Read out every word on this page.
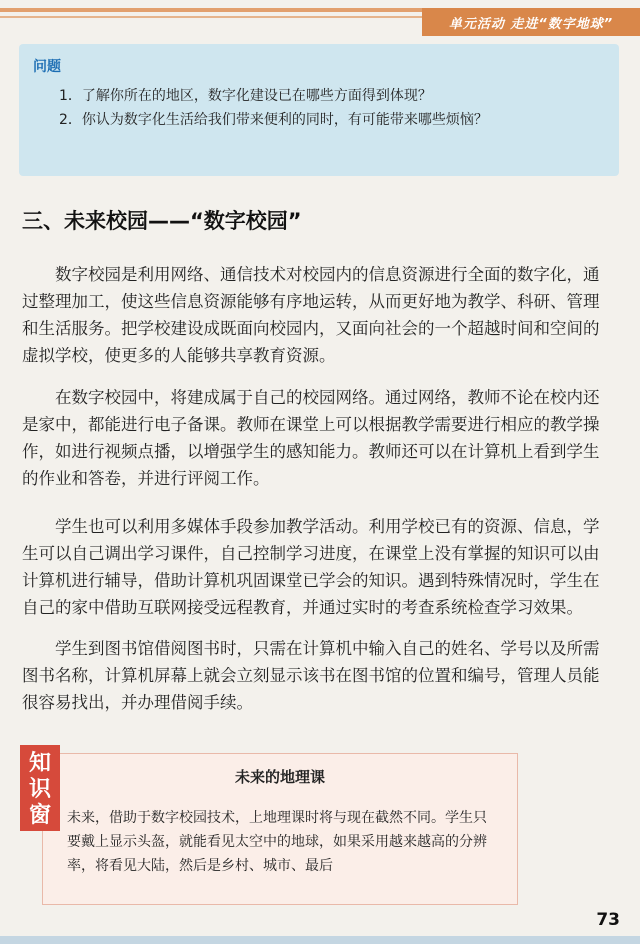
单元活动 走进“数字地球”
问题
1．了解你所在的地区，数字化建设已在哪些方面得到体现？
2．你认为数字化生活给我们带来便利的同时，有可能带来哪些烦恼？
三、未来校园——“数字校园”

数字校园是利用网络、通信技术对校园内的信息资源进行全面的数字化，通过整理加工，使这些信息资源能够有序地运转，从而更好地为教学、科研、管理和生活服务。把学校建设成既面向校园内，又面向社会的一个超越时间和空间的虚拟学校，使更多的人能够共享教育资源。

在数字校园中，将建成属于自己的校园网络。通过网络，教师不论在校内还是家中，都能进行电子备课。教师在课堂上可以根据教学需要进行相应的教学操作，如进行视频点播，以增强学生的感知能力。教师还可以在计算机上看到学生的作业和答卷，并进行评阅工作。

学生也可以利用多媒体手段参加教学活动。利用学校已有的资源、信息，学生可以自己调出学习课件，自己控制学习进度，在课堂上没有掌握的知识可以由计算机进行辅导，借助计算机巩固课堂已学会的知识。遇到特殊情况时，学生在自己的家中借助互联网接受远程教育，并通过实时的考查系统检查学习效果。

学生到图书馆借阅图书时，只需在计算机中输入自己的姓名、学号以及所需图书名称，计算机屏幕上就会立刻显示该书在图书馆的位置和编号，管理人员能很容易找出，并办理借阅手续。

未来的地理课
未来，借助于数字校园技术，上地理课时将与现在截然不同。学生只要戴上显示头盔，就能看见太空中的地球，如果采用越来越高的分辨率，将看见大陆，然后是乡村、城市、最后
知识窗
73
